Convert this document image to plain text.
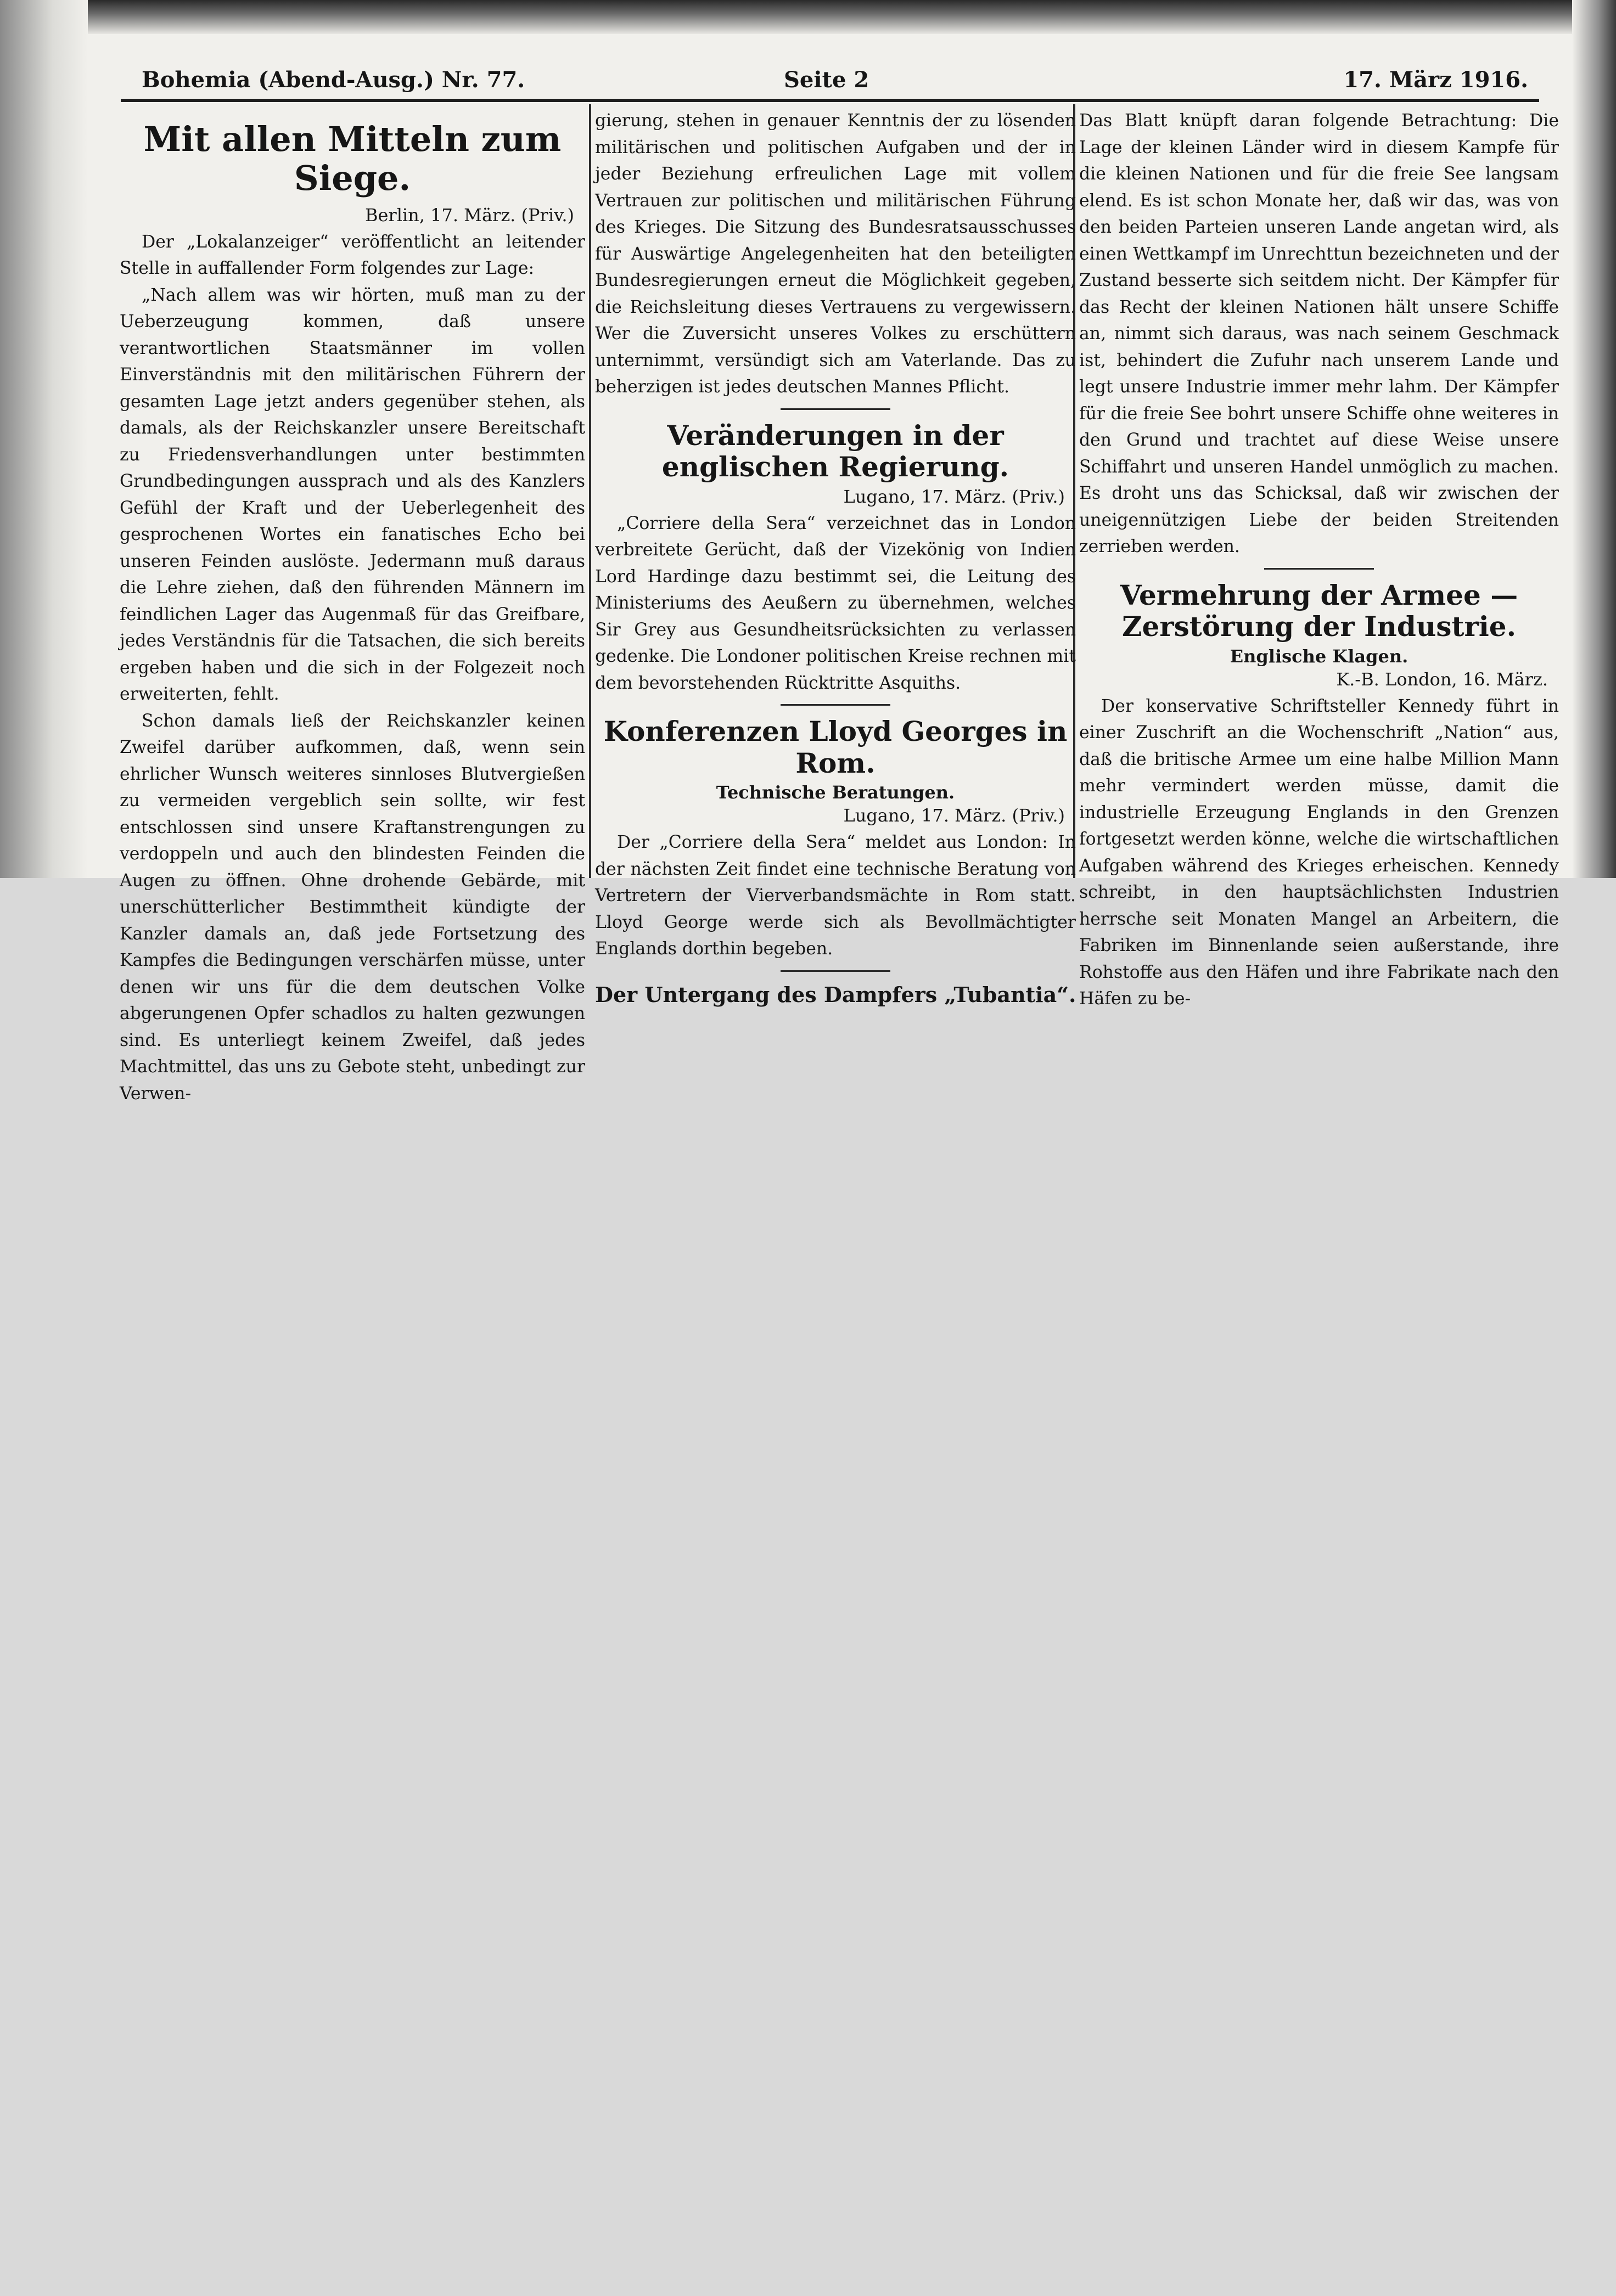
Bohemia (Abend-Ausg.) Nr. 77.	Seite 2	17. März 1916.

Mit allen Mitteln zum Siege.

Berlin, 17. März. (Priv.)

Der „Lokalanzeiger“ veröffentlicht an leitender Stelle in auffallender Form folgendes zur Lage:

„Nach allem was wir hörten, muß man zu der Ueberzeugung kommen, daß unsere verantwortlichen Staatsmänner im vollen Einverständnis mit den militärischen Führern der gesamten Lage jetzt anders gegenüber stehen, als damals, als der Reichskanzler unsere Bereitschaft zu Friedensverhandlungen unter bestimmten Grundbedingungen aussprach und als des Kanzlers Gefühl der Kraft und der Ueberlegenheit des gesprochenen Wortes ein fanatisches Echo bei unseren Feinden auslöste. Jedermann muß daraus die Lehre ziehen, daß den führenden Männern im feindlichen Lager das Augenmaß für das Greifbare, jedes Verständnis für die Tatsachen, die sich bereits ergeben haben und die sich in der Folgezeit noch erweiterten, fehlt.

Schon damals ließ der Reichskanzler keinen Zweifel darüber aufkommen, daß, wenn sein ehrlicher Wunsch weiteres sinnloses Blutvergießen zu vermeiden vergeblich sein sollte, wir fest entschlossen sind unsere Kraftanstrengungen zu verdoppeln und auch den blindesten Feinden die Augen zu öffnen. Ohne drohende Gebärde, mit unerschütterlicher Bestimmtheit kündigte der Kanzler damals an, daß jede Fortsetzung des Kampfes die Bedingungen verschärfen müsse, unter denen wir uns für die dem deutschen Volke abgerungenen Opfer schadlos zu halten gezwungen sind. Es unterliegt keinem Zweifel, daß jedes Machtmittel, das uns zu Gebote steht, unbedingt zur Verwen-

gierung, stehen in genauer Kenntnis der zu lösenden militärischen und politischen Aufgaben und der in jeder Beziehung erfreulichen Lage mit vollem Vertrauen zur politischen und militärischen Führung des Krieges. Die Sitzung des Bundesratsausschusses für Auswärtige Angelegenheiten hat den beteiligten Bundesregierungen erneut die Möglichkeit gegeben, die Reichsleitung dieses Vertrauens zu vergewissern. Wer die Zuversicht unseres Volkes zu erschüttern unternimmt, versündigt sich am Vaterlande. Das zu beherzigen ist jedes deutschen Mannes Pflicht.

Veränderungen in der englischen Regierung.

Lugano, 17. März. (Priv.)

„Corriere della Sera“ verzeichnet das in London verbreitete Gerücht, daß der Vizekönig von Indien Lord Hardinge dazu bestimmt sei, die Leitung des Ministeriums des Aeußern zu übernehmen, welches Sir Grey aus Gesundheitsrücksichten zu verlassen gedenke. Die Londoner politischen Kreise rechnen mit dem bevorstehenden Rücktritte Asquiths.

Konferenzen Lloyd Georges in Rom.

Technische Beratungen.

Lugano, 17. März. (Priv.)

Der „Corriere della Sera“ meldet aus London: In der nächsten Zeit findet eine technische Beratung von Vertretern der Vierverbandsmächte in Rom statt. Lloyd George werde sich als Bevollmächtigter Englands dorthin begeben.

Der Untergang des Dampfers „Tubantia“.

Das Blatt knüpft daran folgende Betrachtung: Die Lage der kleinen Länder wird in diesem Kampfe für die kleinen Nationen und für die freie See langsam elend. Es ist schon Monate her, daß wir das, was von den beiden Parteien unseren Lande angetan wird, als einen Wettkampf im Unrechttun bezeichneten und der Zustand besserte sich seitdem nicht. Der Kämpfer für das Recht der kleinen Nationen hält unsere Schiffe an, nimmt sich daraus, was nach seinem Geschmack ist, behindert die Zufuhr nach unserem Lande und legt unsere Industrie immer mehr lahm. Der Kämpfer für die freie See bohrt unsere Schiffe ohne weiteres in den Grund und trachtet auf diese Weise unsere Schiffahrt und unseren Handel unmöglich zu machen. Es droht uns das Schicksal, daß wir zwischen der uneigennützigen Liebe der beiden Streitenden zerrieben werden.

Vermehrung der Armee — Zerstörung der Industrie.

Englische Klagen.

K.-B. London, 16. März.

Der konservative Schriftsteller Kennedy führt in einer Zuschrift an die Wochenschrift „Nation“ aus, daß die britische Armee um eine halbe Million Mann mehr vermindert werden müsse, damit die industrielle Erzeugung Englands in den Grenzen fortgesetzt werden könne, welche die wirtschaftlichen Aufgaben während des Krieges erheischen. Kennedy schreibt, in den hauptsächlichsten Industrien herrsche seit Monaten Mangel an Arbeitern, die Fabriken im Binnenlande seien außerstande, ihre Rohstoffe aus den Häfen und ihre Fabrikate nach den Häfen zu be-
